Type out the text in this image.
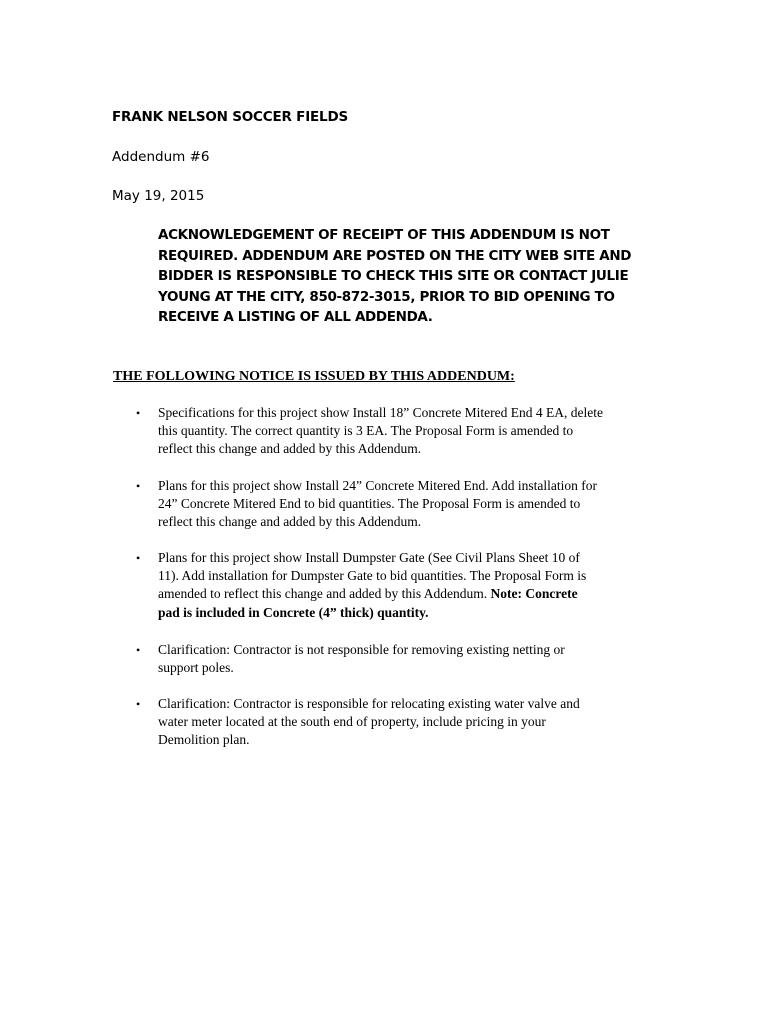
FRANK NELSON SOCCER FIELDS
Addendum #6
May 19, 2015
ACKNOWLEDGEMENT OF RECEIPT OF THIS ADDENDUM IS NOT
REQUIRED. ADDENDUM ARE POSTED ON THE CITY WEB SITE AND
BIDDER IS RESPONSIBLE TO CHECK THIS SITE OR CONTACT JULIE
YOUNG AT THE CITY, 850-872-3015, PRIOR TO BID OPENING TO
RECEIVE A LISTING OF ALL ADDENDA.
THE FOLLOWING NOTICE IS ISSUED BY THIS ADDENDUM:
• Specifications for this project show Install 18” Concrete Mitered End 4 EA, delete
this quantity. The correct quantity is 3 EA. The Proposal Form is amended to
reflect this change and added by this Addendum.
• Plans for this project show Install 24” Concrete Mitered End. Add installation for
24” Concrete Mitered End to bid quantities. The Proposal Form is amended to
reflect this change and added by this Addendum.
• Plans for this project show Install Dumpster Gate (See Civil Plans Sheet 10 of
11). Add installation for Dumpster Gate to bid quantities. The Proposal Form is
amended to reflect this change and added by this Addendum. Note: Concrete
pad is included in Concrete (4” thick) quantity.
• Clarification: Contractor is not responsible for removing existing netting or
support poles.
• Clarification: Contractor is responsible for relocating existing water valve and
water meter located at the south end of property, include pricing in your
Demolition plan.
